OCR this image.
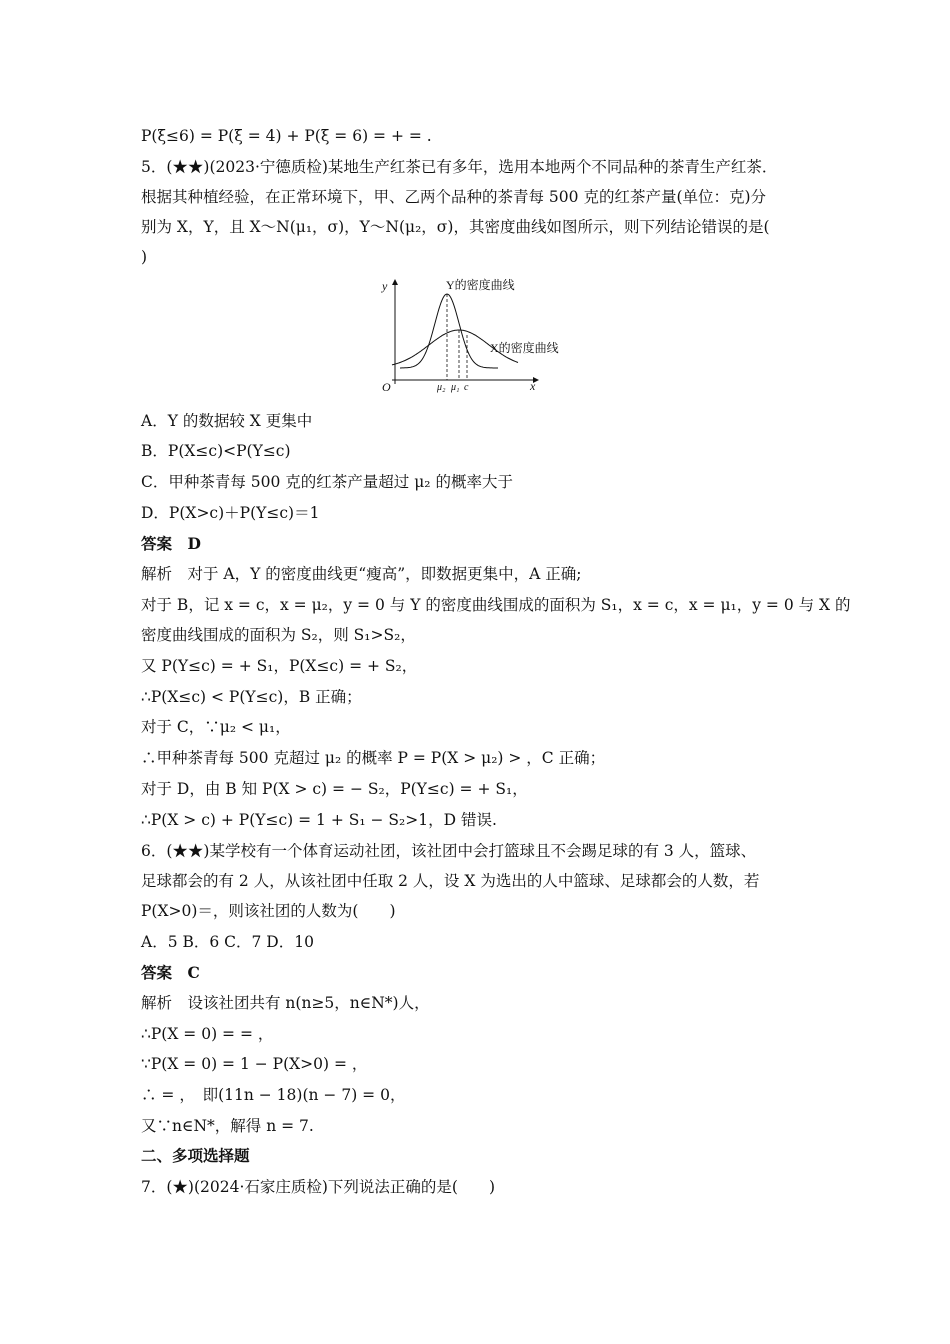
P(ξ≤6) = P(ξ = 4) + P(ξ = 6) = + = .
5．(★★)(2023·宁德质检)某地生产红茶已有多年，选用本地两个不同品种的茶青生产红茶．
根据其种植经验，在正常环境下，甲、乙两个品种的茶青每 500 克的红茶产量(单位：克)分
别为 X，Y，且 X～N(μ₁，σ)，Y～N(μ₂，σ)，其密度曲线如图所示，则下列结论错误的是(
)
y
x
O	μ₂ μ₁ c
Y的密度曲线
X的密度曲线
A．Y 的数据较 X 更集中
B．P(X≤c)<P(Y≤c)
C．甲种茶青每 500 克的红茶产量超过 μ₂ 的概率大于
D．P(X>c)＋P(Y≤c)＝1
答案　D
解析　对于 A，Y 的密度曲线更“瘦高”，即数据更集中，A 正确;
对于 B，记 x = c，x = μ₂，y = 0 与 Y 的密度曲线围成的面积为 S₁，x = c，x = μ₁，y = 0 与 X 的
密度曲线围成的面积为 S₂，则 S₁>S₂，
又 P(Y≤c) = + S₁，P(X≤c) = + S₂，
∴P(X≤c) < P(Y≤c)，B 正确；
对于 C，∵μ₂ < μ₁，
∴甲种茶青每 500 克超过 μ₂ 的概率 P = P(X > μ₂) > ，C 正确；
对于 D，由 B 知 P(X > c) = − S₂，P(Y≤c) = + S₁，
∴P(X > c) + P(Y≤c) = 1 + S₁ − S₂>1，D 错误.
6．(★★)某学校有一个体育运动社团，该社团中会打篮球且不会踢足球的有 3 人，篮球、
足球都会的有 2 人，从该社团中任取 2 人，设 X 为选出的人中篮球、足球都会的人数，若
P(X>0)＝，则该社团的人数为(　　)
A．5 B．6 C．7 D．10
答案　C
解析　设该社团共有 n(n≥5，n∈N*)人，
∴P(X = 0) = = ，
∵P(X = 0) = 1 − P(X>0) = ，
∴ = ，　即(11n − 18)(n − 7) = 0，
又∵n∈N*，解得 n = 7.
二、多项选择题
7．(★)(2024·石家庄质检)下列说法正确的是(　　)
